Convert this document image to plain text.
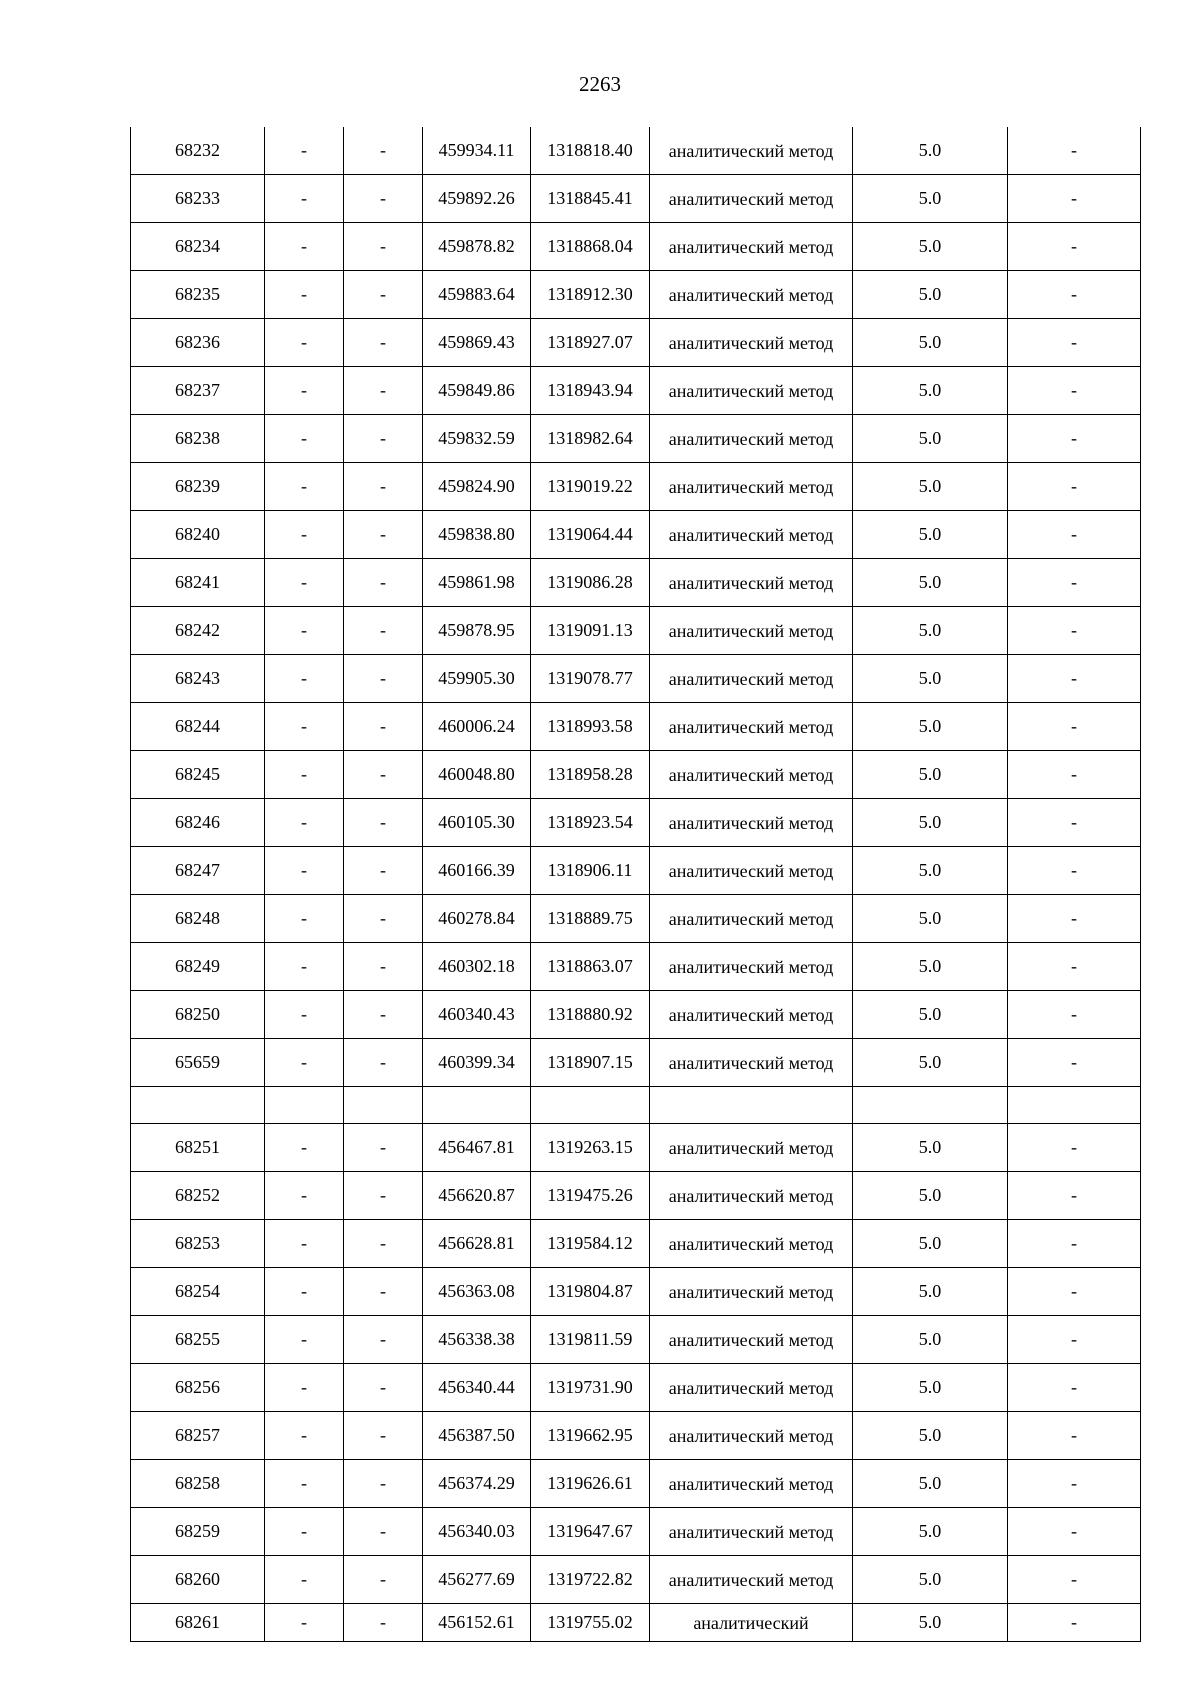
2263
68232	-	-	459934.11	1318818.40	аналитический метод	5.0	-
68233	-	-	459892.26	1318845.41	аналитический метод	5.0	-
68234	-	-	459878.82	1318868.04	аналитический метод	5.0	-
68235	-	-	459883.64	1318912.30	аналитический метод	5.0	-
68236	-	-	459869.43	1318927.07	аналитический метод	5.0	-
68237	-	-	459849.86	1318943.94	аналитический метод	5.0	-
68238	-	-	459832.59	1318982.64	аналитический метод	5.0	-
68239	-	-	459824.90	1319019.22	аналитический метод	5.0	-
68240	-	-	459838.80	1319064.44	аналитический метод	5.0	-
68241	-	-	459861.98	1319086.28	аналитический метод	5.0	-
68242	-	-	459878.95	1319091.13	аналитический метод	5.0	-
68243	-	-	459905.30	1319078.77	аналитический метод	5.0	-
68244	-	-	460006.24	1318993.58	аналитический метод	5.0	-
68245	-	-	460048.80	1318958.28	аналитический метод	5.0	-
68246	-	-	460105.30	1318923.54	аналитический метод	5.0	-
68247	-	-	460166.39	1318906.11	аналитический метод	5.0	-
68248	-	-	460278.84	1318889.75	аналитический метод	5.0	-
68249	-	-	460302.18	1318863.07	аналитический метод	5.0	-
68250	-	-	460340.43	1318880.92	аналитический метод	5.0	-
65659	-	-	460399.34	1318907.15	аналитический метод	5.0	-

68251	-	-	456467.81	1319263.15	аналитический метод	5.0	-
68252	-	-	456620.87	1319475.26	аналитический метод	5.0	-
68253	-	-	456628.81	1319584.12	аналитический метод	5.0	-
68254	-	-	456363.08	1319804.87	аналитический метод	5.0	-
68255	-	-	456338.38	1319811.59	аналитический метод	5.0	-
68256	-	-	456340.44	1319731.90	аналитический метод	5.0	-
68257	-	-	456387.50	1319662.95	аналитический метод	5.0	-
68258	-	-	456374.29	1319626.61	аналитический метод	5.0	-
68259	-	-	456340.03	1319647.67	аналитический метод	5.0	-
68260	-	-	456277.69	1319722.82	аналитический метод	5.0	-
68261	-	-	456152.61	1319755.02	аналитический	5.0	-
